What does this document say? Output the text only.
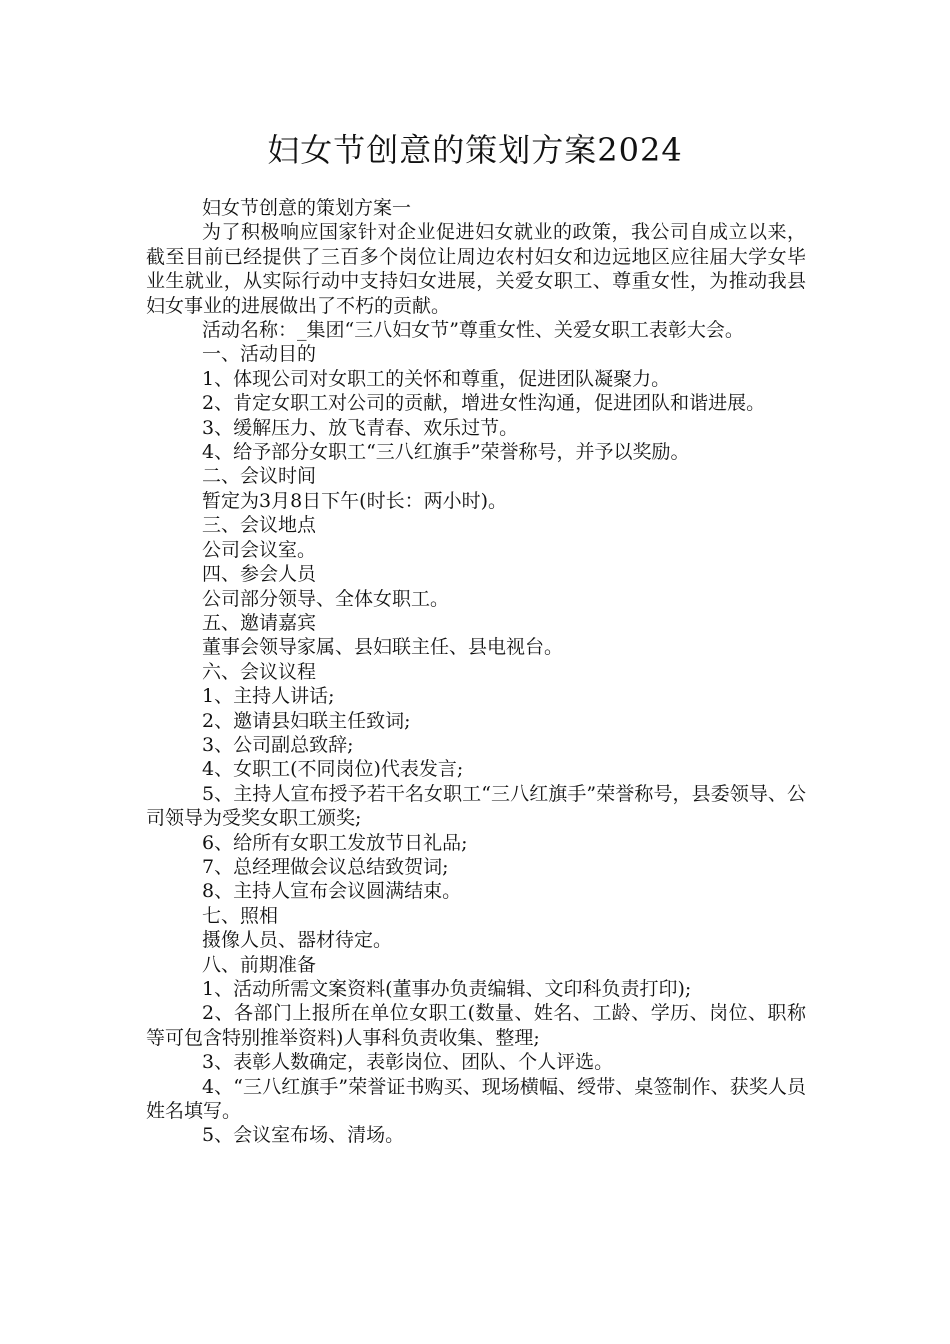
妇女节创意的策划方案2024

妇女节创意的策划方案一

为了积极响应国家针对企业促进妇女就业的政策，我公司自成立以来，截至目前已经提供了三百多个岗位让周边农村妇女和边远地区应往届大学女毕业生就业，从实际行动中支持妇女进展，关爱女职工、尊重女性，为推动我县妇女事业的进展做出了不朽的贡献。

活动名称：_集团“三八妇女节”尊重女性、关爱女职工表彰大会。

一、活动目的

1、体现公司对女职工的关怀和尊重，促进团队凝聚力。

2、肯定女职工对公司的贡献，增进女性沟通，促进团队和谐进展。

3、缓解压力、放飞青春、欢乐过节。

4、给予部分女职工“三八红旗手”荣誉称号，并予以奖励。

二、会议时间

暂定为3月8日下午(时长：两小时)。

三、会议地点

公司会议室。

四、参会人员

公司部分领导、全体女职工。

五、邀请嘉宾

董事会领导家属、县妇联主任、县电视台。

六、会议议程

1、主持人讲话;

2、邀请县妇联主任致词;

3、公司副总致辞;

4、女职工(不同岗位)代表发言;

5、主持人宣布授予若干名女职工“三八红旗手”荣誉称号，县委领导、公司领导为受奖女职工颁奖;

6、给所有女职工发放节日礼品;

7、总经理做会议总结致贺词;

8、主持人宣布会议圆满结束。

七、照相

摄像人员、器材待定。

八、前期准备

1、活动所需文案资料(董事办负责编辑、文印科负责打印);

2、各部门上报所在单位女职工(数量、姓名、工龄、学历、岗位、职称等可包含特别推举资料)人事科负责收集、整理;

3、表彰人数确定，表彰岗位、团队、个人评选。

4、“三八红旗手”荣誉证书购买、现场横幅、绶带、桌签制作、获奖人员姓名填写。

5、会议室布场、清场。
